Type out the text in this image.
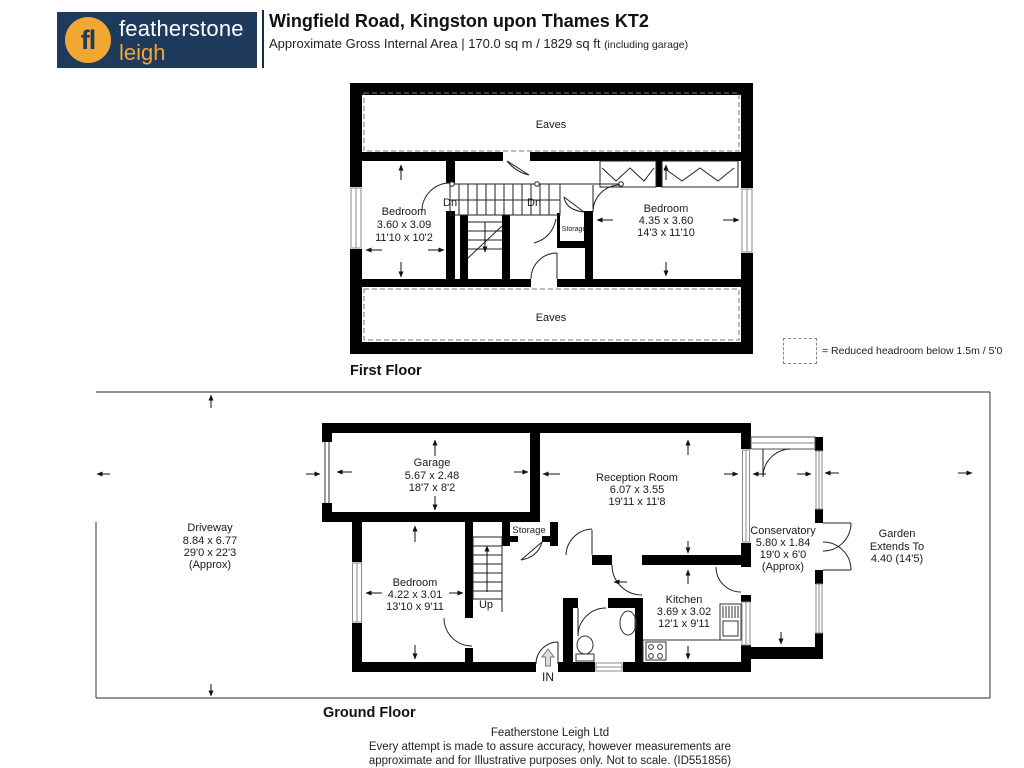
fl featherstone
leigh
Wingfield Road, Kingston upon Thames KT2
Approximate Gross Internal Area | 170.0 sq m / 1829 sq ft (including garage)
Eaves
Eaves
Bedroom
3.60 x 3.09
11'10 x 10'2
Bedroom
4.35 x 3.60
14'3 x 11'10
Dn	Dn
Storage
Garage
5.67 x 2.48
18'7 x 8'2
Reception Room
6.07 x 3.55
19'11 x 11'8
Conservatory
5.80 x 1.84
19'0 x 6'0
(Approx)
Bedroom
4.22 x 3.01
13'10 x 9'11
Kitchen
3.69 x 3.02
12'1 x 9'11
Storage
Driveway
8.84 x 6.77
29'0 x 22'3
(Approx)
Garden
Extends To
4.40 (14'5)
Up
IN
First Floor
= Reduced headroom below 1.5m / 5'0
Ground Floor
Featherstone Leigh Ltd
Every attempt is made to assure accuracy, however measurements are
approximate and for Illustrative purposes only. Not to scale. (ID551856)
